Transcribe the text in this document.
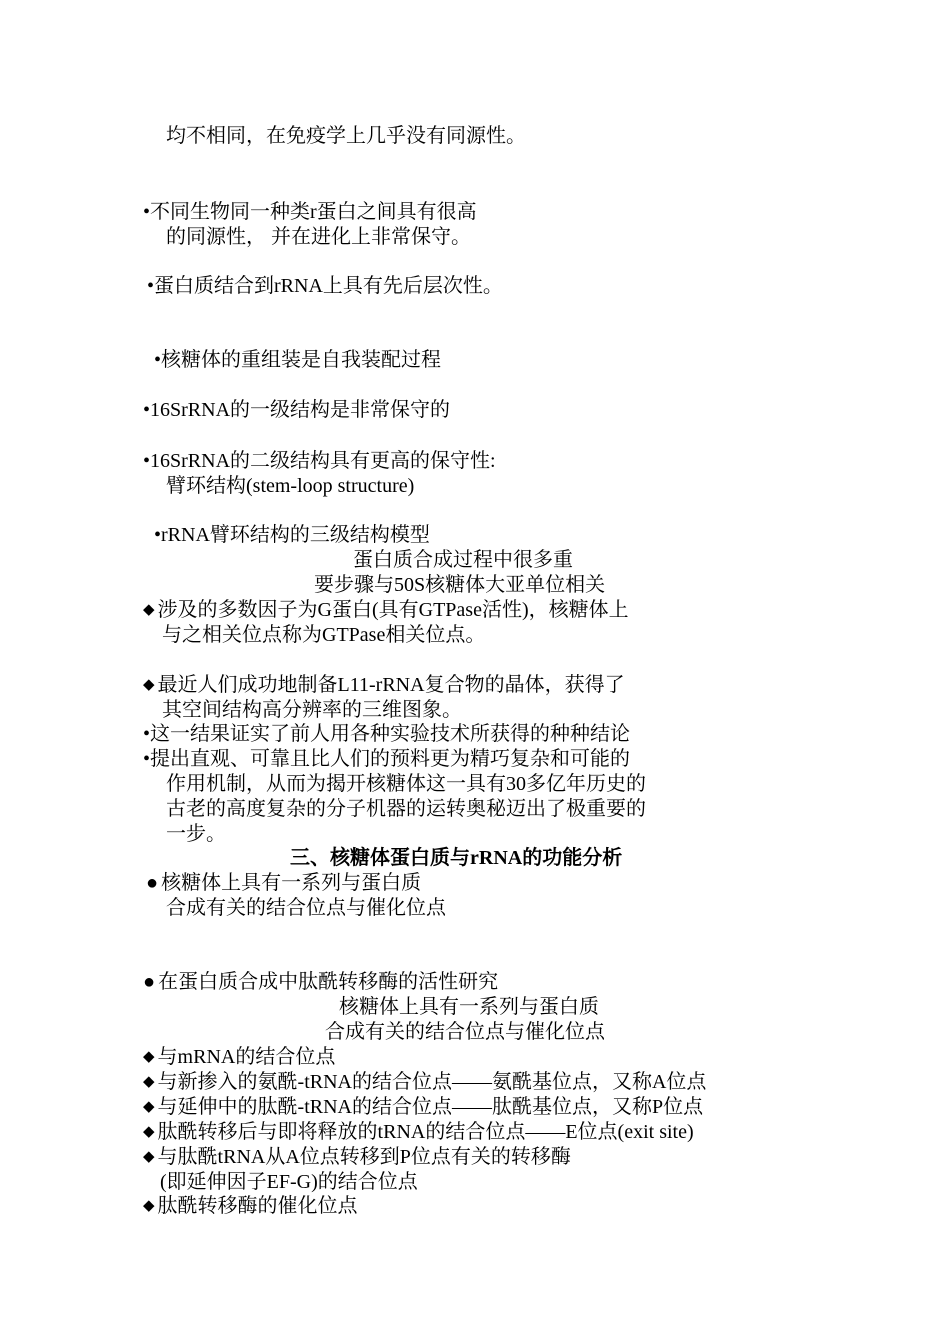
均不相同，在免疫学上几乎没有同源性。
•不同生物同一种类r蛋白之间具有很高
的同源性， 并在进化上非常保守。
•蛋白质结合到rRNA上具有先后层次性。
•核糖体的重组装是自我装配过程
•16SrRNA的一级结构是非常保守的
•16SrRNA的二级结构具有更高的保守性:
臂环结构(stem-loop structure)
•rRNA臂环结构的三级结构模型
蛋白质合成过程中很多重
要步骤与50S核糖体大亚单位相关
◆ 涉及的多数因子为G蛋白(具有GTPase活性)，核糖体上
与之相关位点称为GTPase相关位点。
◆ 最近人们成功地制备L11-rRNA复合物的晶体，获得了
其空间结构高分辨率的三维图象。
•这一结果证实了前人用各种实验技术所获得的种种结论
•提出直观、可靠且比人们的预料更为精巧复杂和可能的
作用机制，从而为揭开核糖体这一具有30多亿年历史的
古老的高度复杂的分子机器的运转奥秘迈出了极重要的
一步。
三、核糖体蛋白质与rRNA的功能分析
● 核糖体上具有一系列与蛋白质
合成有关的结合位点与催化位点
● 在蛋白质合成中肽酰转移酶的活性研究
核糖体上具有一系列与蛋白质
合成有关的结合位点与催化位点
◆ 与mRNA的结合位点
◆ 与新掺入的氨酰-tRNA的结合位点——氨酰基位点，又称A位点
◆ 与延伸中的肽酰-tRNA的结合位点——肽酰基位点，又称P位点
◆ 肽酰转移后与即将释放的tRNA的结合位点——E位点(exit site)
◆ 与肽酰tRNA从A位点转移到P位点有关的转移酶
(即延伸因子EF-G)的结合位点
◆ 肽酰转移酶的催化位点
